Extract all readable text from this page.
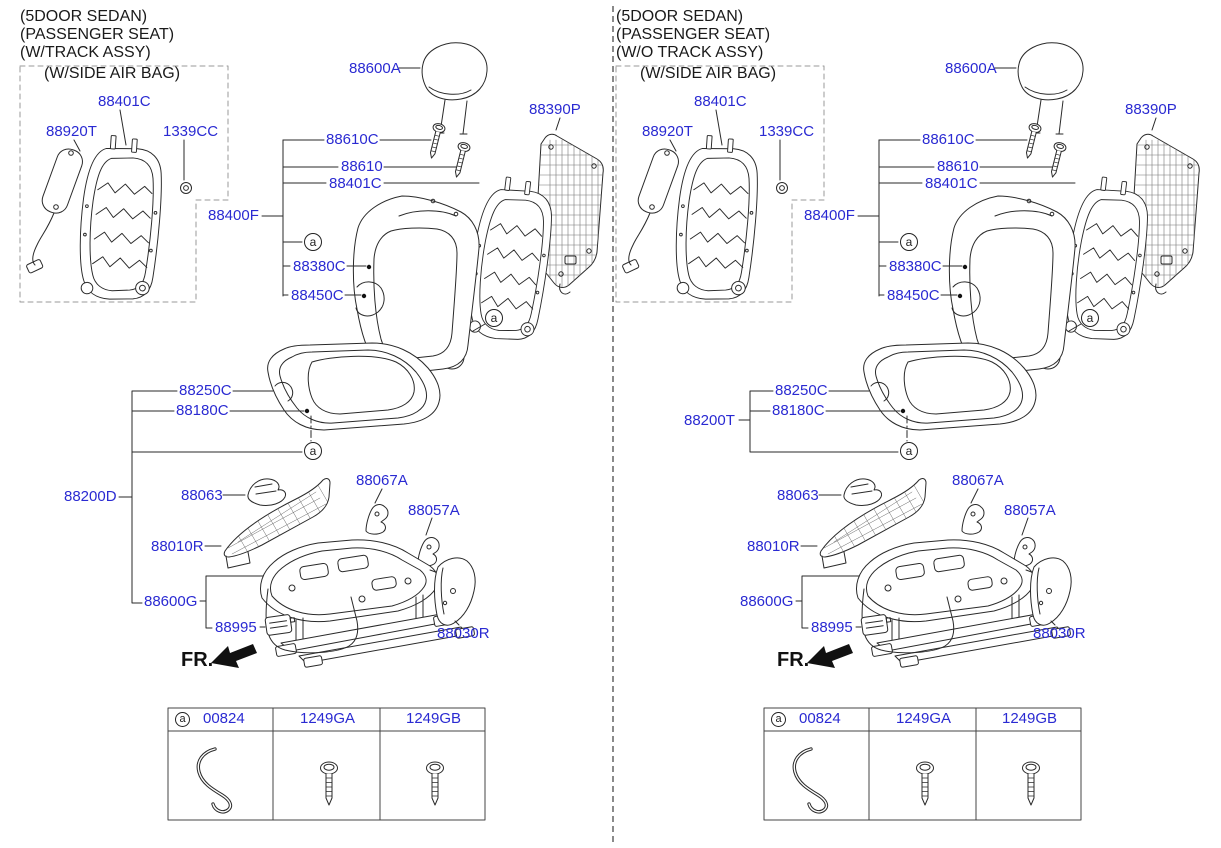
(5DOOR SEDAN)
(PASSENGER SEAT)
(W/TRACK ASSY)
(W/SIDE AIR BAG)
88920T
88401C
1339CC
88600A
88390P
88610C
88610
88401C
88400F
88380C
88450C
88250C
88180C
88200D	88063
88067A
88057A
88010R
88600G
88995	88030R
FR.
a
a
a
a 00824	1249GA	1249GB
(5DOOR SEDAN)
(PASSENGER SEAT)
(W/O TRACK ASSY)
(W/SIDE AIR BAG)
88920T
88401C
1339CC
88600A
88390P
88610C
88610
88401C
88400F
88380C
88450C
88250C
88180C
88200T
88063
88067A
88057A
88010R
88600G
88995	88030R
FR.
a
a
a
a 00824	1249GA	1249GB
